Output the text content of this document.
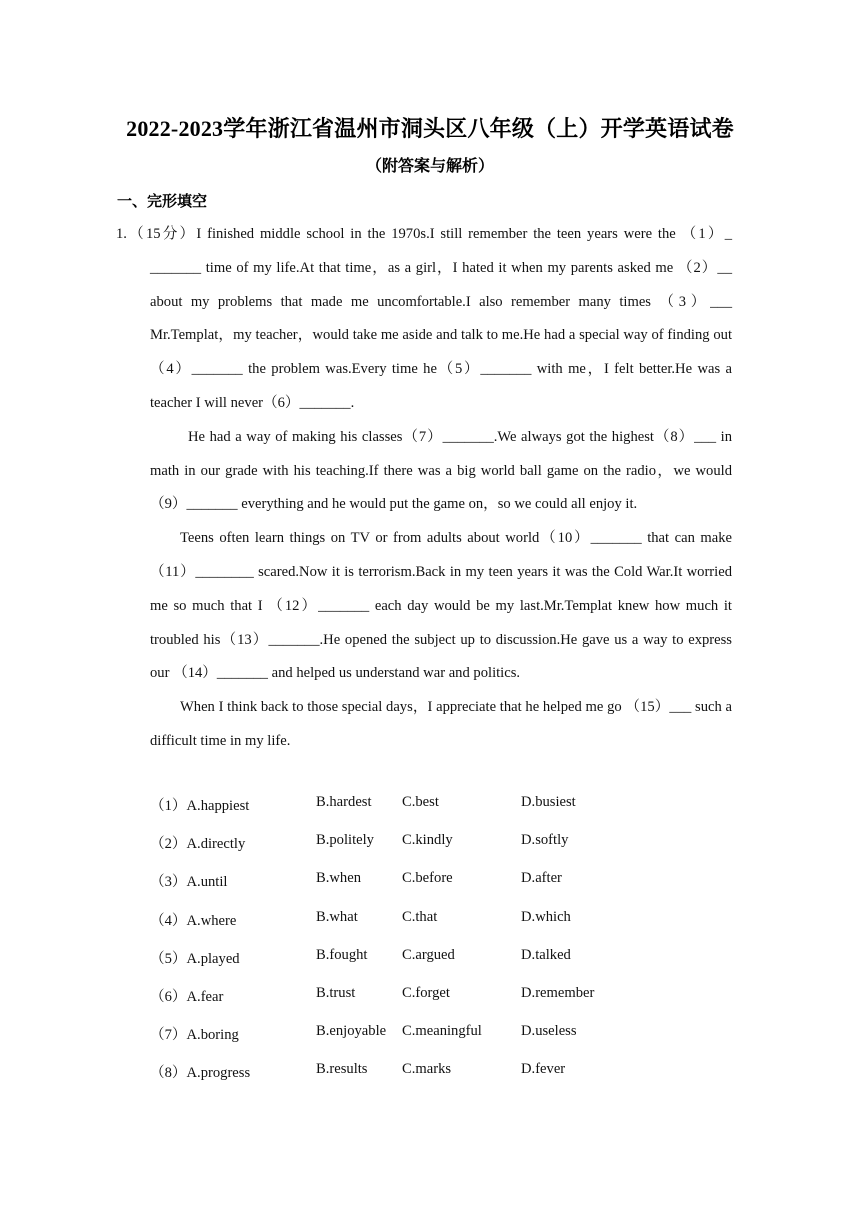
2022-2023学年浙江省温州市洞头区八年级（上）开学英语试卷
（附答案与解析）
一、完形填空

1.（15分）I finished middle school in the 1970s.I still remember the teen years were the （1）_ _______ time of my life.At that time，as a girl，I hated it when my parents asked me （2）__ about my problems that made me uncomfortable.I also remember many times （3）___ Mr.Templat，my teacher，would take me aside and talk to me.He had a special way of finding out （4）_______ the problem was.Every time he（5）_______ with me，I felt better.He was a teacher I will never（6）_______.

He had a way of making his classes（7）_______.We always got the highest（8）___ in math in our grade with his teaching.If there was a big world ball game on the radio，we would（9）_______ everything and he would put the game on，so we could all enjoy it.

Teens often learn things on TV or from adults about world（10）_______ that can make （11）________ scared.Now it is terrorism.Back in my teen years it was the Cold War.It worried me so much that I （12）_______ each day would be my last.Mr.Templat knew how much it troubled his（13）_______.He opened the subject up to discussion.He gave us a way to express our （14）_______ and helped us understand war and politics.

When I think back to those special days，I appreciate that he helped me go （15）___ such a difficult time in my life.

（1）A.happiest	B.hardest C.best	D.busiest
（2）A.directly	B.politely C.kindly	D.softly
（3）A.until	B.when	C.before	D.after
（4）A.where	B.what	C.that	D.which
（5）A.played	B.fought C.argued	D.talked
（6）A.fear	B.trust	C.forget	D.remember
（7）A.boring	B.enjoyable C.meaningful	D.useless
（8）A.progress	B.results C.marks	D.fever
